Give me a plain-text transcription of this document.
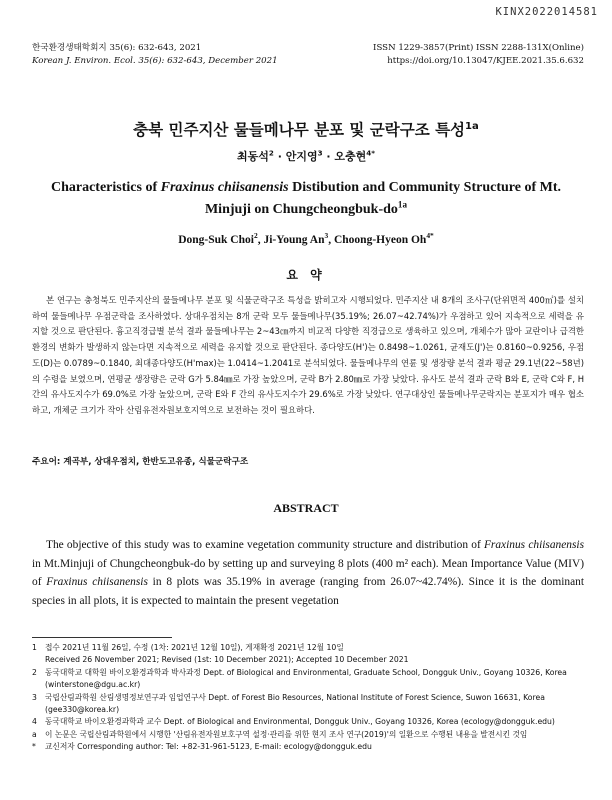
KINX2022014581
한국환경생태학회지 35(6): 632-643, 2021
Korean J. Environ. Ecol. 35(6): 632-643, December 2021
ISSN 1229-3857(Print) ISSN 2288-131X(Online)
https://doi.org/10.13047/KJEE.2021.35.6.632
충북 민주지산 물들메나무 분포 및 군락구조 특성$^{1a}$
최동석$^2$ · 안지영$^3$ · 오충현$^{4*}$
Characteristics of Fraxinus chiisanensis Distibution and Community Structure of Mt. Minjuji on Chungcheongbuk-$do^{1a}$
Dong-Suk Choi$^2$, Ji-Young An$^3$, Choong-Hyeon $Oh^{4*}$
요 약
본 연구는 충청북도 민주지산의 물들메나무 분포 및 식물군락구조 특성을 밝히고자 시행되었다. 민주지산 내 8개의 조사구(단위면적 400㎡)를 설치하여 물들메나무 우점군락을 조사하였다. 상대우점치는 8개 군락 모두 물들메나무(35.19%; 26.07~42.74%)가 우점하고 있어 지속적으로 세력을 유지할 것으로 판단된다. 흉고직경급별 분석 결과 물들메나무는 2~43㎝까지 비교적 다양한 직경급으로 생육하고 있으며, 개체수가 많아 교란이나 급격한 환경의 변화가 발생하지 않는다면 지속적으로 세력을 유지할 것으로 판단된다. 종다양도(H')는 0.8498~1.0261, 균재도(J')는 0.8160~0.9256, 우점도(D)는 0.0789~0.1840, 최대종다양도(H'max)는 1.0414~1.2041로 분석되었다. 물들메나무의 연륜 및 생장량 분석 결과 평균 29.1년(22~58년)의 수령을 보였으며, 연평균 생장량은 군락 G가 5.84㎜로 가장 높았으며, 군락 B가 2.80㎜로 가장 낮았다. 유사도 분석 결과 군락 B와 E, 군락 C와 F, H 간의 유사도지수가 69.0%로 가장 높았으며, 군락 E와 F 간의 유사도지수가 29.6%로 가장 낮았다. 연구대상인 물들메나무군락지는 분포지가 매우 협소하고, 개체군 크기가 작아 산림유전자원보호지역으로 보전하는 것이 필요하다.
주요어: 계곡부, 상대우점치, 한반도고유종, 식물군락구조
ABSTRACT
The objective of this study was to examine vegetation community structure and distribution of Fraxinus chiisanensis in Mt.Minjuji of Chungcheongbuk-do by setting up and surveying 8 plots (400 m² each). Mean Importance Value (MIV) of Fraxinus chiisanensis in 8 plots was 35.19% in average (ranging from 26.07~42.74%). Since it is the dominant species in all plots, it is expected to maintain the present vegetation

1 접수 2021년 11월 26일, 수정 (1차: 2021년 12월 10일), 게재확정 2021년 12월 10일
Received 26 November 2021; Revised (1st: 10 December 2021); Accepted 10 December 2021

2 동국대학교 대학원 바이오환경과학과 박사과정 Dept. of Biological and Environmental, Graduate School, Dongguk Univ., Goyang 10326, Korea (winterstone@dgu.ac.kr)

3 국립산림과학원 산림생명정보연구과 임업연구사 Dept. of Forest Bio Resources, National Institute of Forest Science, Suwon 16631, Korea (gee330@korea.kr)

4 동국대학교 바이오환경과학과 교수 Dept. of Biological and Environmental, Dongguk Univ., Goyang 10326, Korea (ecology@dongguk.edu)

a 이 논문은 국립산림과학원에서 시행한 '산림유전자원보호구역 설정·관리를 위한 현지 조사 연구(2019)'의 일환으로 수행된 내용을 발전시킨 것임

* 교신저자 Corresponding author: Tel: +82-31-961-5123, E-mail: ecology@dongguk.edu
